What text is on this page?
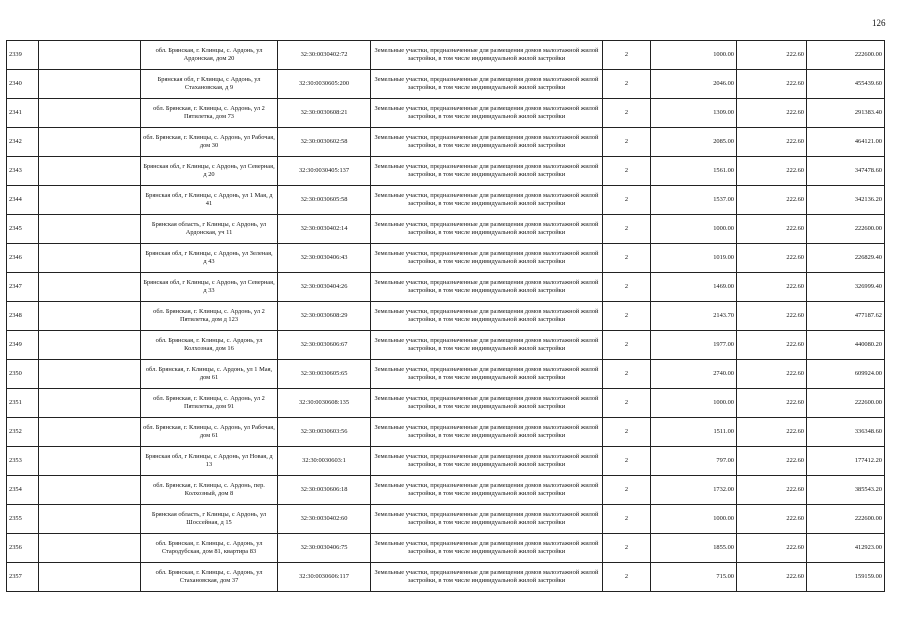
126
2339		обл. Брянская, г. Клинцы, с. Ардонь, ул Ардонская, дом 20	32:30:0030402:72	Земельные участки, предназначенные для размещения домов малоэтажной жилой застройки, в том числе индивидуальной жилой застройки	2	1000.00	222.60	222600.00
2340		Брянская обл, г Клинцы, с Ардонь, ул Стахановская, д 9	32:30:0030605:200	Земельные участки, предназначенные для размещения домов малоэтажной жилой застройки, в том числе индивидуальной жилой застройки	2	2046.00	222.60	455439.60
2341		обл. Брянская, г. Клинцы, с. Ардонь, ул 2 Пятилетка, дом 73	32:30:0030608:21	Земельные участки, предназначенные для размещения домов малоэтажной жилой застройки, в том числе индивидуальной жилой застройки	2	1309.00	222.60	291383.40
2342		обл. Брянская, г. Клинцы, с. Ардонь, ул Рабочая, дом 30	32:30:0030602:58	Земельные участки, предназначенные для размещения домов малоэтажной жилой застройки, в том числе индивидуальной жилой застройки	2	2085.00	222.60	464121.00
2343		Брянская обл, г Клинцы, с Ардонь, ул Северная, д 20	32:30:0030405:137	Земельные участки, предназначенные для размещения домов малоэтажной жилой застройки, в том числе индивидуальной жилой застройки	2	1561.00	222.60	347478.60
2344		Брянская обл, г Клинцы, с Ардонь, ул 1 Мая, д 41	32:30:0030605:58	Земельные участки, предназначенные для размещения домов малоэтажной жилой застройки, в том числе индивидуальной жилой застройки	2	1537.00	222.60	342136.20
2345		Брянская область, г Клинцы, с Ардонь, ул Ардонская, уч 11	32:30:0030402:14	Земельные участки, предназначенные для размещения домов малоэтажной жилой застройки, в том числе индивидуальной жилой застройки	2	1000.00	222.60	222600.00
2346		Брянская обл, г Клинцы, с Ардонь, ул Зеленая, д 43	32:30:0030406:43	Земельные участки, предназначенные для размещения домов малоэтажной жилой застройки, в том числе индивидуальной жилой застройки	2	1019.00	222.60	226829.40
2347		Брянская обл, г Клинцы, с Ардонь, ул Северная, д 33	32:30:0030404:26	Земельные участки, предназначенные для размещения домов малоэтажной жилой застройки, в том числе индивидуальной жилой застройки	2	1469.00	222.60	326999.40
2348		обл. Брянская, г. Клинцы, с. Ардонь, ул 2 Пятилетка, дом д 123	32:30:0030608:29	Земельные участки, предназначенные для размещения домов малоэтажной жилой застройки, в том числе индивидуальной жилой застройки	2	2143.70	222.60	477187.62
2349		обл. Брянская, г. Клинцы, с. Ардонь, ул Колхозная, дом 16	32:30:0030606:67	Земельные участки, предназначенные для размещения домов малоэтажной жилой застройки, в том числе индивидуальной жилой застройки	2	1977.00	222.60	440080.20
2350		обл. Брянская, г. Клинцы, с. Ардонь, ул 1 Мая, дом 61	32:30:0030605:65	Земельные участки, предназначенные для размещения домов малоэтажной жилой застройки, в том числе индивидуальной жилой застройки	2	2740.00	222.60	609924.00
2351		обл. Брянская, г. Клинцы, с. Ардонь, ул 2 Пятилетка, дом 91	32:30:0030608:135	Земельные участки, предназначенные для размещения домов малоэтажной жилой застройки, в том числе индивидуальной жилой застройки	2	1000.00	222.60	222600.00
2352		обл. Брянская, г. Клинцы, с. Ардонь, ул Рабочая, дом 61	32:30:0030603:56	Земельные участки, предназначенные для размещения домов малоэтажной жилой застройки, в том числе индивидуальной жилой застройки	2	1511.00	222.60	336348.60
2353		Брянская обл, г Клинцы, с Ардонь, ул Новая, д 13	32:30:0030603:1	Земельные участки, предназначенные для размещения домов малоэтажной жилой застройки, в том числе индивидуальной жилой застройки	2	797.00	222.60	177412.20
2354		обл. Брянская, г. Клинцы, с. Ардонь, пер. Колхозный, дом 8	32:30:0030606:18	Земельные участки, предназначенные для размещения домов малоэтажной жилой застройки, в том числе индивидуальной жилой застройки	2	1732.00	222.60	385543.20
2355		Брянская область, г Клинцы, с Ардонь, ул Шоссейная, д 15	32:30:0030402:60	Земельные участки, предназначенные для размещения домов малоэтажной жилой застройки, в том числе индивидуальной жилой застройки	2	1000.00	222.60	222600.00
2356		обл. Брянская, г. Клинцы, с. Ардонь, ул Стародубская, дом 81, квартира 83	32:30:0030406:75	Земельные участки, предназначенные для размещения домов малоэтажной жилой застройки, в том числе индивидуальной жилой застройки	2	1855.00	222.60	412923.00
2357		обл. Брянская, г. Клинцы, с. Ардонь, ул Стахановская, дом 37	32:30:0030606:117	Земельные участки, предназначенные для размещения домов малоэтажной жилой застройки, в том числе индивидуальной жилой застройки	2	715.00	222.60	159159.00
